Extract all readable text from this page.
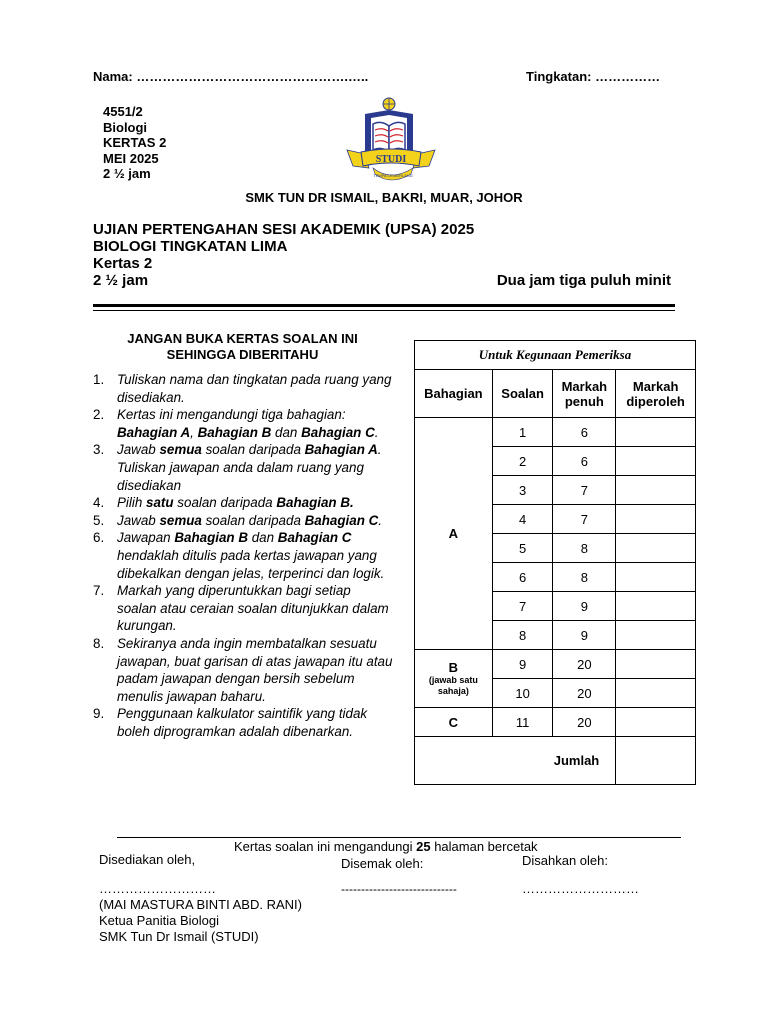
Nama: ………………………………………….…..	Tingkatan: ……………
4551/2
Biologi
KERTAS 2
MEI 2025
2 ½ jam
STUDI
TEMPA CEMERLANG
SMK TUN DR ISMAIL, BAKRI, MUAR, JOHOR
UJIAN PERTENGAHAN SESI AKADEMIK (UPSA) 2025
BIOLOGI TINGKATAN LIMA
Kertas 2
2 ½ jam	Dua jam tiga puluh minit
JANGAN BUKA KERTAS SOALAN INI
SEHINGGA DIBERITAHU
1. Tuliskan nama dan tingkatan pada ruang yang disediakan.
2. Kertas ini mengandungi tiga bahagian: Bahagian A, Bahagian B dan Bahagian C.
3. Jawab semua soalan daripada Bahagian A. Tuliskan jawapan anda dalam ruang yang disediakan
4. Pilih satu soalan daripada Bahagian B.
5. Jawab semua soalan daripada Bahagian C.
6. Jawapan Bahagian B dan Bahagian C hendaklah ditulis pada kertas jawapan yang dibekalkan dengan jelas, terperinci dan logik.
7. Markah yang diperuntukkan bagi setiap soalan atau ceraian soalan ditunjukkan dalam kurungan.
8. Sekiranya anda ingin membatalkan sesuatu jawapan, buat garisan di atas jawapan itu atau padam jawapan dengan bersih sebelum menulis jawapan baharu.
9. Penggunaan kalkulator saintifik yang tidak boleh diprogramkan adalah dibenarkan.
Untuk Kegunaan Pemeriksa			
Bahagian	Soalan	Markah penuh	Markah diperoleh
A	1	6	
	2	6	
	3	7	
	4	7	
	5	8	
	6	8	
	7	9	
	8	9	
B
(jawab satu sahaja)	9	20	
	10	20	
C	11	20	
Jumlah			
Kertas soalan ini mengandungi 25 halaman bercetak
Disediakan oleh,	Disemak oleh:	Disahkan oleh:
………………………	-----------------------------	………………………
(MAI MASTURA BINTI ABD. RANI)
Ketua Panitia Biologi
SMK Tun Dr Ismail (STUDI)
